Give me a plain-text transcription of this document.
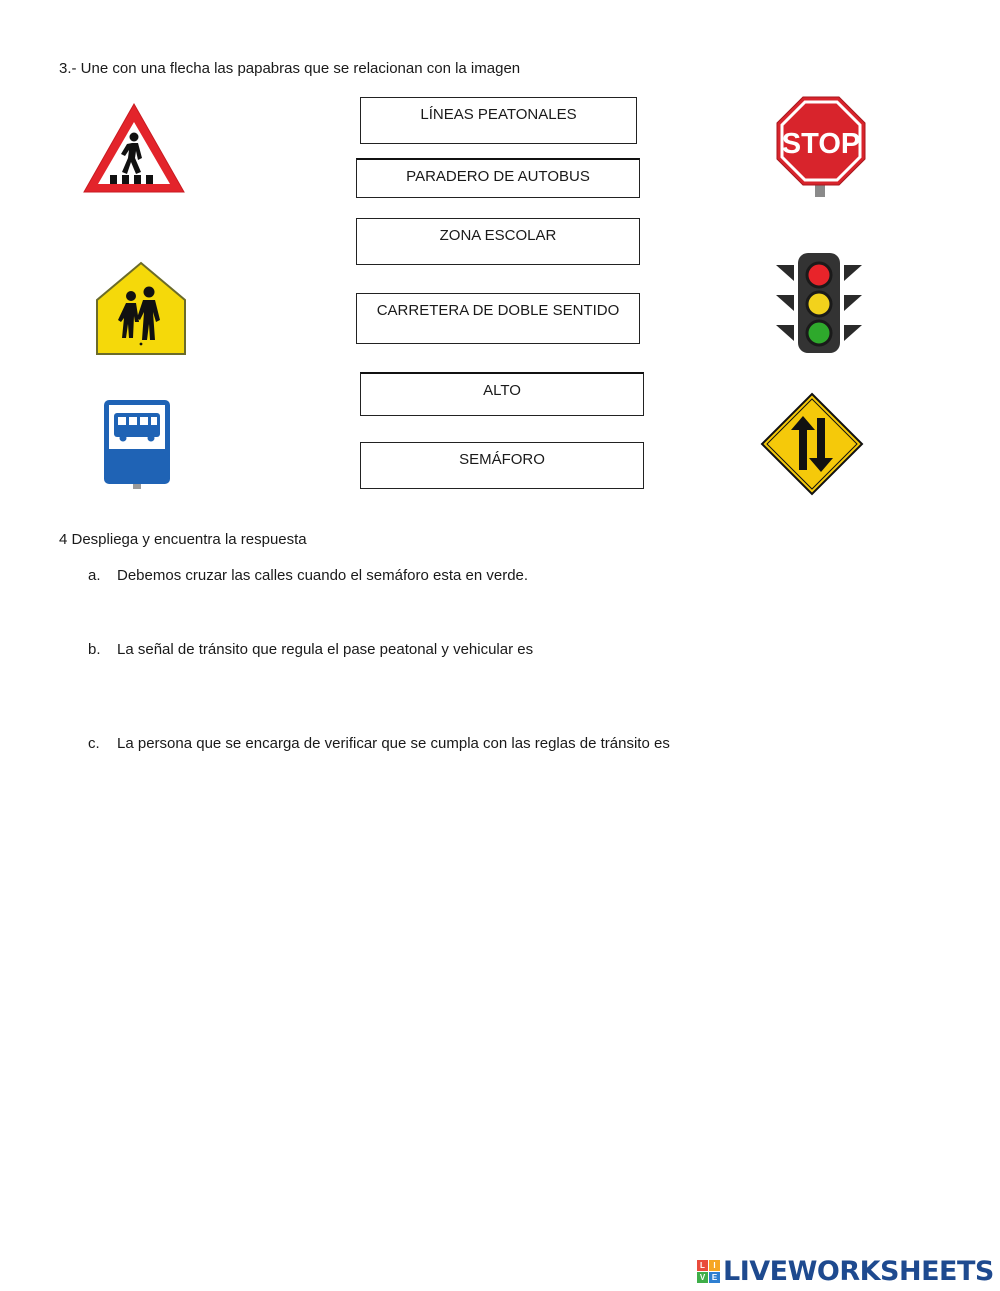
3.- Une con una flecha las papabras que se relacionan con la imagen
LÍNEAS PEATONALES
PARADERO DE AUTOBUS
ZONA ESCOLAR
CARRETERA DE DOBLE SENTIDO
ALTO
SEMÁFORO
STOP
4 Despliega y encuentra la respuesta
a. Debemos cruzar las calles cuando el semáforo esta en verde.
b. La señal de tránsito que regula el pase peatonal y vehicular es
c. La persona que se encarga de verificar que se cumpla con las reglas de tránsito es
L	I
V E LIVEWORKSHEETS
